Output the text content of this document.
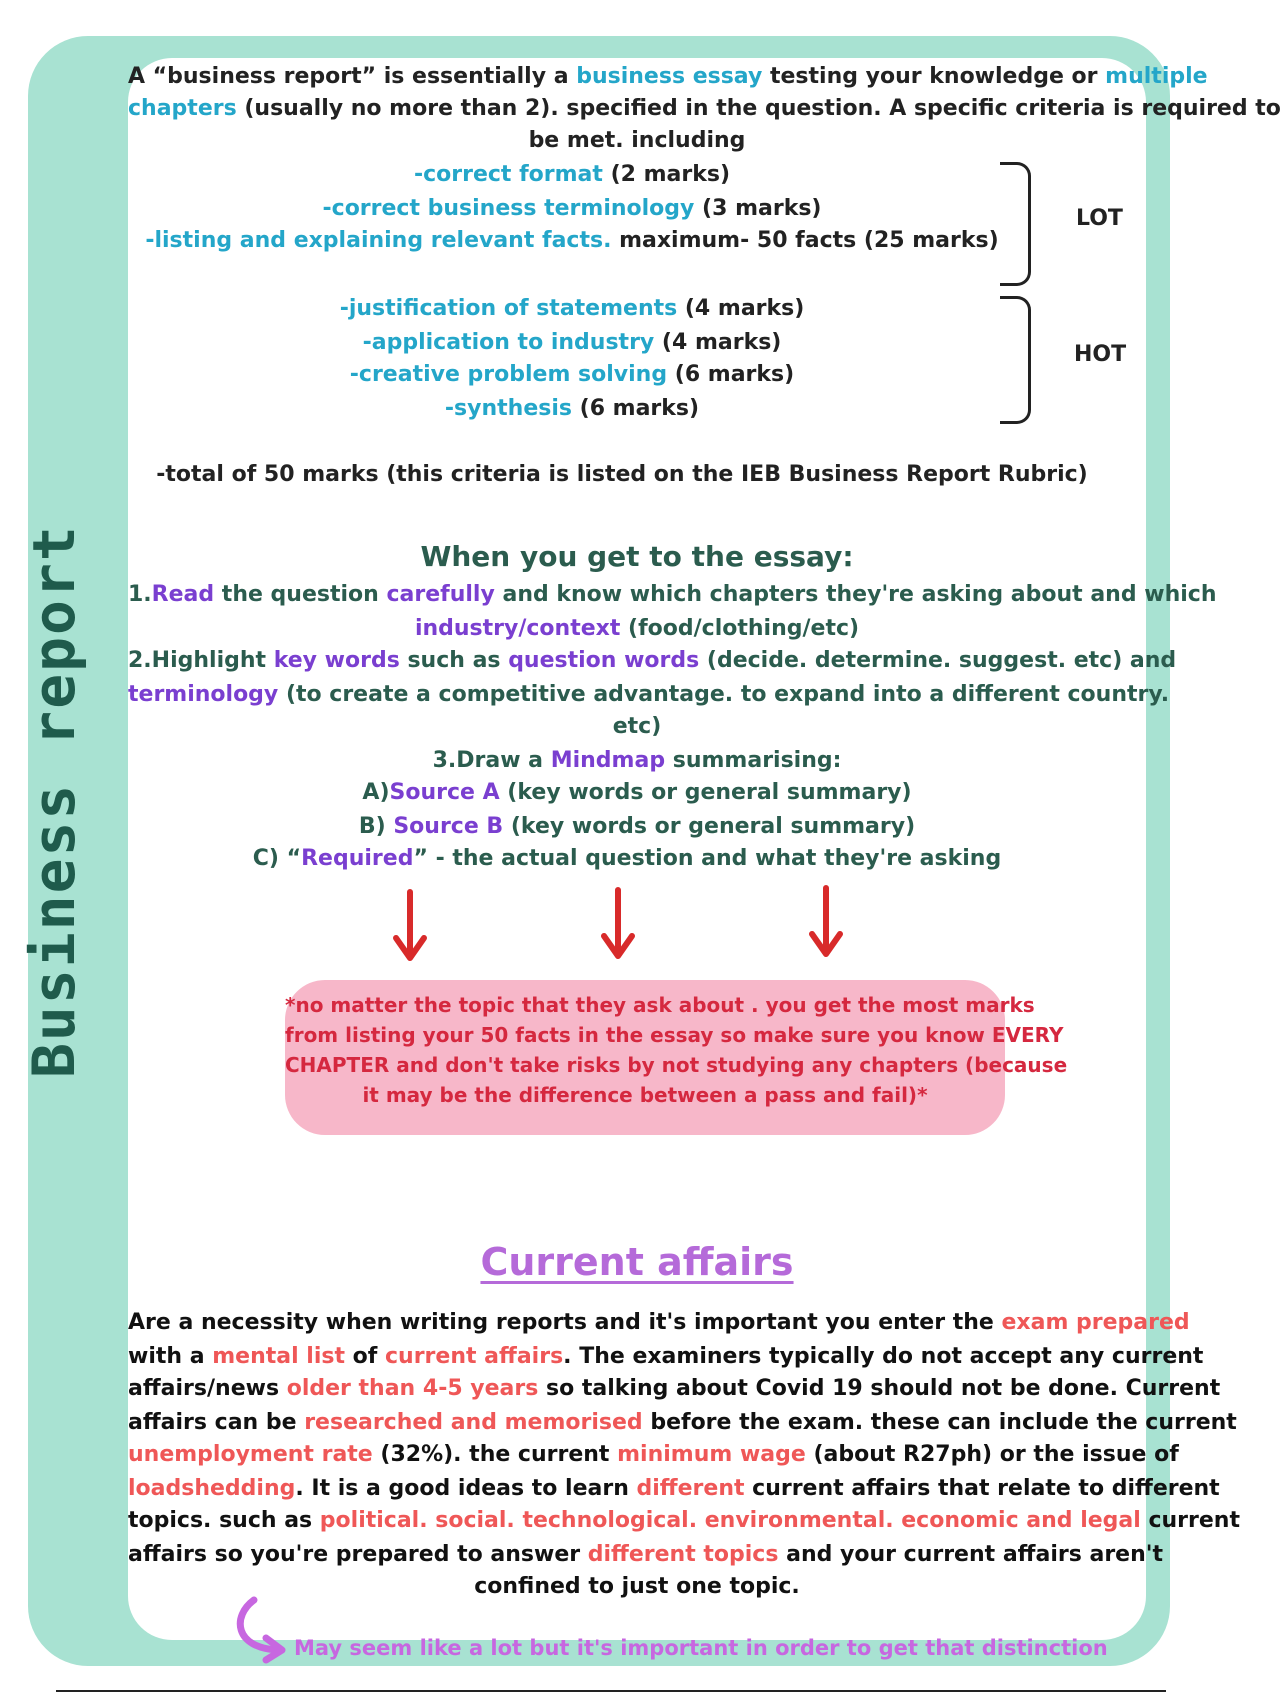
Business report
A “business report” is essentially a business essay testing your knowledge or multiple
chapters (usually no more than 2). specified in the question. A specific criteria is required to
be met. including
-correct format (2 marks)
-correct business terminology (3 marks)
-listing and explaining relevant facts. maximum- 50 facts (25 marks)
LOT
-justification of statements (4 marks)
-application to industry (4 marks)
-creative problem solving (6 marks)
-synthesis (6 marks)
HOT
-total of 50 marks (this criteria is listed on the IEB Business Report Rubric)
When you get to the essay:
1.Read the question carefully and know which chapters they're asking about and which
industry/context (food/clothing/etc)
2.Highlight key words such as question words (decide. determine. suggest. etc) and
terminology (to create a competitive advantage. to expand into a different country.
etc)
3.Draw a Mindmap summarising:
A)Source A (key words or general summary)
B) Source B (key words or general summary)
C) “Required” - the actual question and what they're asking
Current affairs
Are a necessity when writing reports and it's important you enter the exam prepared
with a mental list of current affairs. The examiners typically do not accept any current
affairs/news older than 4-5 years so talking about Covid 19 should not be done. Current
affairs can be researched and memorised before the exam. these can include the current
unemployment rate (32%). the current minimum wage (about R27ph) or the issue of
loadshedding. It is a good ideas to learn different current affairs that relate to different
topics. such as political. social. technological. environmental. economic and legal current
affairs so you're prepared to answer different topics and your current affairs aren't
confined to just one topic.
May seem like a lot but it's important in order to get that distinction
*no matter the topic that they ask about . you get the most marks
from listing your 50 facts in the essay so make sure you know EVERY
CHAPTER and don't take risks by not studying any chapters (because
it may be the difference between a pass and fail)*
